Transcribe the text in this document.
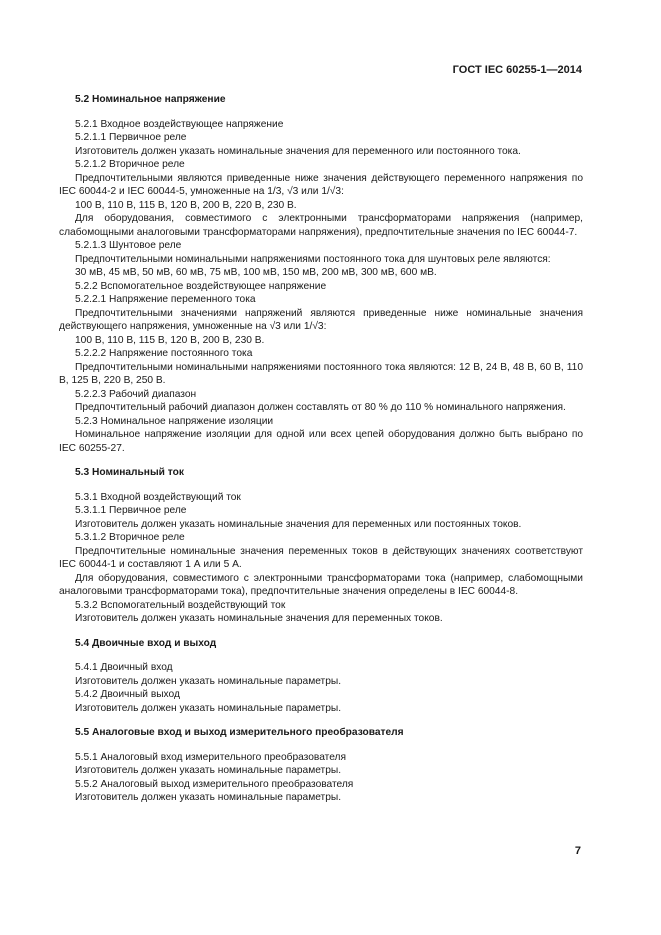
ГОСТ IEC 60255-1—2014
5.2 Номинальное напряжение
5.2.1 Входное воздействующее напряжение
5.2.1.1 Первичное реле
Изготовитель должен указать номинальные значения для переменного или постоянного тока.
5.2.1.2 Вторичное реле
Предпочтительными являются приведенные ниже значения действующего переменного напряжения по IEC 60044-2 и IEC 60044-5, умноженные на 1/3, √3 или 1/√3:
100 В, 110 В, 115 В, 120 В, 200 В, 220 В, 230 В.
Для оборудования, совместимого с электронными трансформаторами напряжения (например, слабомощными аналоговыми трансформаторами напряжения), предпочтительные значения по IEC 60044-7.
5.2.1.3 Шунтовое реле
Предпочтительными номинальными напряжениями постоянного тока для шунтовых реле являются:
30 мВ, 45 мВ, 50 мВ, 60 мВ, 75 мВ, 100 мВ, 150 мВ, 200 мВ, 300 мВ, 600 мВ.
5.2.2 Вспомогательное воздействующее напряжение
5.2.2.1 Напряжение переменного тока
Предпочтительными значениями напряжений являются приведенные ниже номинальные значения действующего напряжения, умноженные на √3 или 1/√3:
100 В, 110 В, 115 В, 120 В, 200 В, 230 В.
5.2.2.2 Напряжение постоянного тока
Предпочтительными номинальными напряжениями постоянного тока являются: 12 В, 24 В, 48 В, 60 В, 110 В, 125 В, 220 В, 250 В.
5.2.2.3 Рабочий диапазон
Предпочтительный рабочий диапазон должен составлять от 80 % до 110 % номинального напряжения.
5.2.3 Номинальное напряжение изоляции
Номинальное напряжение изоляции для одной или всех цепей оборудования должно быть выбрано по IEC 60255-27.
5.3 Номинальный ток
5.3.1 Входной воздействующий ток
5.3.1.1 Первичное реле
Изготовитель должен указать номинальные значения для переменных или постоянных токов.
5.3.1.2 Вторичное реле
Предпочтительные номинальные значения переменных токов в действующих значениях соответствуют IEC 60044-1 и составляют 1 А или 5 А.
Для оборудования, совместимого с электронными трансформаторами тока (например, слабомощными аналоговыми трансформаторами тока), предпочтительные значения определены в IEC 60044-8.
5.3.2 Вспомогательный воздействующий ток
Изготовитель должен указать номинальные значения для переменных токов.
5.4 Двоичные вход и выход
5.4.1 Двоичный вход
Изготовитель должен указать номинальные параметры.
5.4.2 Двоичный выход
Изготовитель должен указать номинальные параметры.
5.5 Аналоговые вход и выход измерительного преобразователя
5.5.1 Аналоговый вход измерительного преобразователя
Изготовитель должен указать номинальные параметры.
5.5.2 Аналоговый выход измерительного преобразователя
Изготовитель должен указать номинальные параметры.
7
